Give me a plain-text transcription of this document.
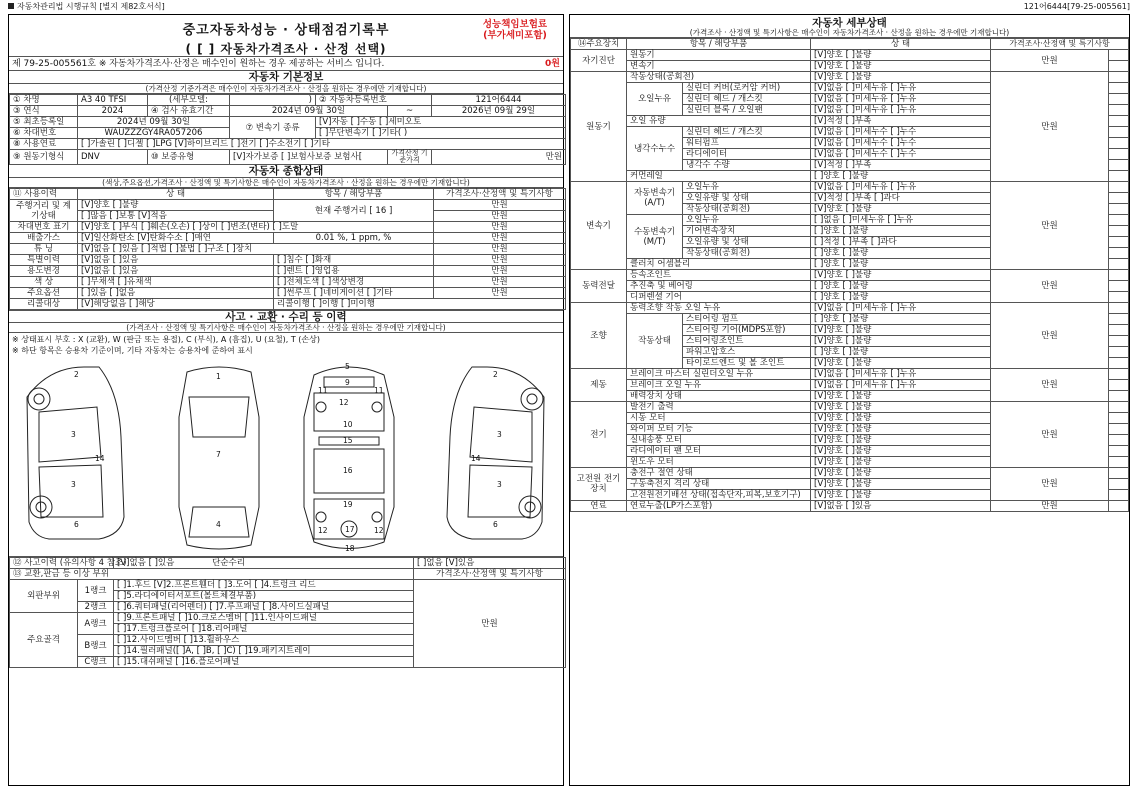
자동차관리법 시행규칙 [별지 제82호서식]	121어6444[79-25-005561]
중고자동차성능 · 상태점검기록부
( [ ] 자동차가격조사 · 산정 선택)
성능책임보험료
(부가세미포함)
제 79-25-005561호 ※ 자동차가격조사·산정은 매수인이 원하는 경우 제공하는 서비스 입니다.	0원
자동차 기본정보
(가격산정 기준가격은 매수인이 자동차가격조사 · 산정을 원하는 경우에만 기재합니다)
① 차명	A3 40 TFSI	(세부모델:	)	② 자동차등록번호		121어6444
③ 연식	2024	④ 검사 유효기간	2024년 09월 30일		~	2026년 09월 29일
⑤ 최초등록일	2024년 09월 30일		⑦ 변속기 종류	[V]자동 [ ]수동 [ ]세미오토		
⑥ 차대번호	WAUZZZGY4RA057206			[ ]무단변속기 [ ]기타( )		
⑧ 사용연료	[ ]가솔린 [ ]디젤 [ ]LPG [V]하이브리드 [ ]전기 [ ]수소전기 [ ]기타					
⑨ 원동기형식	DNV	⑩ 보증유형	[V]자가보증 [ ]보험사보증 보험사[		가격산정 기준가격	만원
자동차 종합상태
(색상,주요옵션,가격조사 · 산정액 및 특기사항은 매수인이 자동차가격조사 · 산정을 원하는 경우에만 기재합니다)
⑪ 사용이력	상 태	항목 / 해당부품	가격조사·산정액 및 특기사항
주행거리 및 계기상태	[V]양호 [ ]불량	현재 주행거리 [ 16 ]	만원
	[ ]많음 [ ]보통 [V]적음		만원
차대번호 표기	[V]양호 [ ]부식 [ ]훼손(오손) [ ]상이 [ ]변조(변타) [ ]도말		만원
배출가스	[V]일산화탄소 [V]탄화수소 [ ]매연	0.01 %, 1 ppm, %	만원
튜 닝	[V]없음 [ ]있음 [ ]적법 [ ]불법 [ ]구조 [ ]장치		만원
특별이력	[V]없음 [ ]있음	[ ]침수 [ ]화재	만원
용도변경	[V]없음 [ ]있음	[ ]렌트 [ ]영업용	만원
색 상	[ ]무채색 [ ]유채색	[ ]전체도색 [ ]색상변경	만원
주요옵션	[ ]있음 [ ]없음	[ ]썬루프 [ ]네비게이션 [ ]기타	만원
리콜대상	[V]해당없음 [ ]해당	리콜이행 [ ]이행 [ ]미이행	
사고 · 교환 · 수리 등 이력
(가격조사 · 산정액 및 특기사항은 매수인이 자동차가격조사 · 산정을 원하는 경우에만 기재합니다)
※ 상태표시 부호 : X (교환), W (판금 또는 용접), C (부식), A (흠집), U (요철), T (손상)
※ 하단 항목은 승용차 기준이며, 기타 자동차는 승용차에 준하여 표시
2
3
3
14
6
1
7
4
5
9
11
12
11
10
15
16
19
17
12	12
18
2
3
3
14
6
⑫ 사고이력 (유의사항 4 참조)		[V]없음 [ ]있음 단순수리	[ ]없음 [V]있음
⑬ 교환,판금 등 이상 부위			가격조사·산정액 및 특기사항
외판부위	1랭크	[ ]1.후드 [V]2.프론트휀더 [ ]3.도어 [ ]4.트렁크 리드	만원
		[ ]5.라디에이터서포트(볼트체결부품)	
	2랭크	[ ]6.쿼터패널(리어펜더) [ ]7.루프패널 [ ]8.사이드실패널	
주요골격	A랭크	[ ]9.프론트패널 [ ]10.크로스멤버 [ ]11.인사이드패널	
		[ ]17.트렁크플로어 [ ]18.리어패널	
	B랭크	[ ]12.사이드멤버 [ ]13.휠하우스	
		[ ]14.필러패널([ ]A, [ ]B, [ ]C) [ ]19.패키지트레이	
	C랭크	[ ]15.대쉬패널 [ ]16.플로어패널	
자동차 세부상태
(가격조사 · 산정액 및 특기사항은 매수인이 자동차가격조사 · 산정을 원하는 경우에만 기재합니다)
⑭주요장치	항목 / 해당부품		상 태	가격조사·산정액 및 특기사항	
자기진단	원동기		[V]양호 [ ]불량	만원	
	변속기		[V]양호 [ ]불량		
원동기	작동상태(공회전)		[V]양호 [ ]불량	만원	
	오일누유	실린더 커버(로커암 커버)	[V]없음 [ ]미세누유 [ ]누유		
		실린더 헤드 / 개스킷	[V]없음 [ ]미세누유 [ ]누유		
		실린더 블록 / 오일팬	[V]없음 [ ]미세누유 [ ]누유		
	오일 유량		[V]적정 [ ]부족		
	냉각수누수	실린더 헤드 / 개스킷	[V]없음 [ ]미세누수 [ ]누수		
		워터펌프	[V]없음 [ ]미세누수 [ ]누수		
		라디에이터	[V]없음 [ ]미세누수 [ ]누수		
		냉각수 수량	[V]적정 [ ]부족		
	커먼레일		[ ]양호 [ ]불량		
변속기	자동변속기(A/T)	오일누유	[V]없음 [ ]미세누유 [ ]누유	만원	
		오일유량 및 상태	[V]적정 [ ]부족 [ ]과다		
		작동상태(공회전)	[V]양호 [ ]불량		
	수동변속기(M/T)	오일누유	[ ]없음 [ ]미세누유 [ ]누유		
		기어변속장치	[ ]양호 [ ]불량		
		오일유량 및 상태	[ ]적정 [ ]부족 [ ]과다		
		작동상태(공회전)	[ ]양호 [ ]불량		
	클러치 어셈블리		[ ]양호 [ ]불량		
동력전달	등속조인트		[V]양호 [ ]불량	만원	
	추진축 및 베어링		[ ]양호 [ ]불량		
	디퍼렌셜 기어		[ ]양호 [ ]불량		
조향	동력조향 작동 오일 누유		[V]없음 [ ]미세누유 [ ]누유	만원	
	작동상태	스티어링 펌프	[ ]양호 [ ]불량		
		스티어링 기어(MDPS포함)	[V]양호 [ ]불량		
		스티어링조인트	[V]양호 [ ]불량		
		파워고압호스	[ ]양호 [ ]불량		
		타이로드엔드 및 볼 조인트	[V]양호 [ ]불량		
제동	브레이크 마스터 실린더오일 누유		[V]없음 [ ]미세누유 [ ]누유	만원	
	브레이크 오일 누유		[V]없음 [ ]미세누유 [ ]누유		
	배력장치 상태		[V]양호 [ ]불량		
전기	발전기 출력		[V]양호 [ ]불량	만원	
	시동 모터		[V]양호 [ ]불량		
	와이퍼 모터 기능		[V]양호 [ ]불량		
	실내송풍 모터		[V]양호 [ ]불량		
	라디에이터 팬 모터		[V]양호 [ ]불량		
	윈도우 모터		[V]양호 [ ]불량		
고전원 전기장치	충전구 절연 상태		[V]양호 [ ]불량	만원	
	구동축전지 격리 상태		[V]양호 [ ]불량		
	고전원전기배선 상태(접속단자,피복,보호기구)		[V]양호 [ ]불량		
연료	연료누출(LP가스포함)		[V]없음 [ ]있음	만원	
